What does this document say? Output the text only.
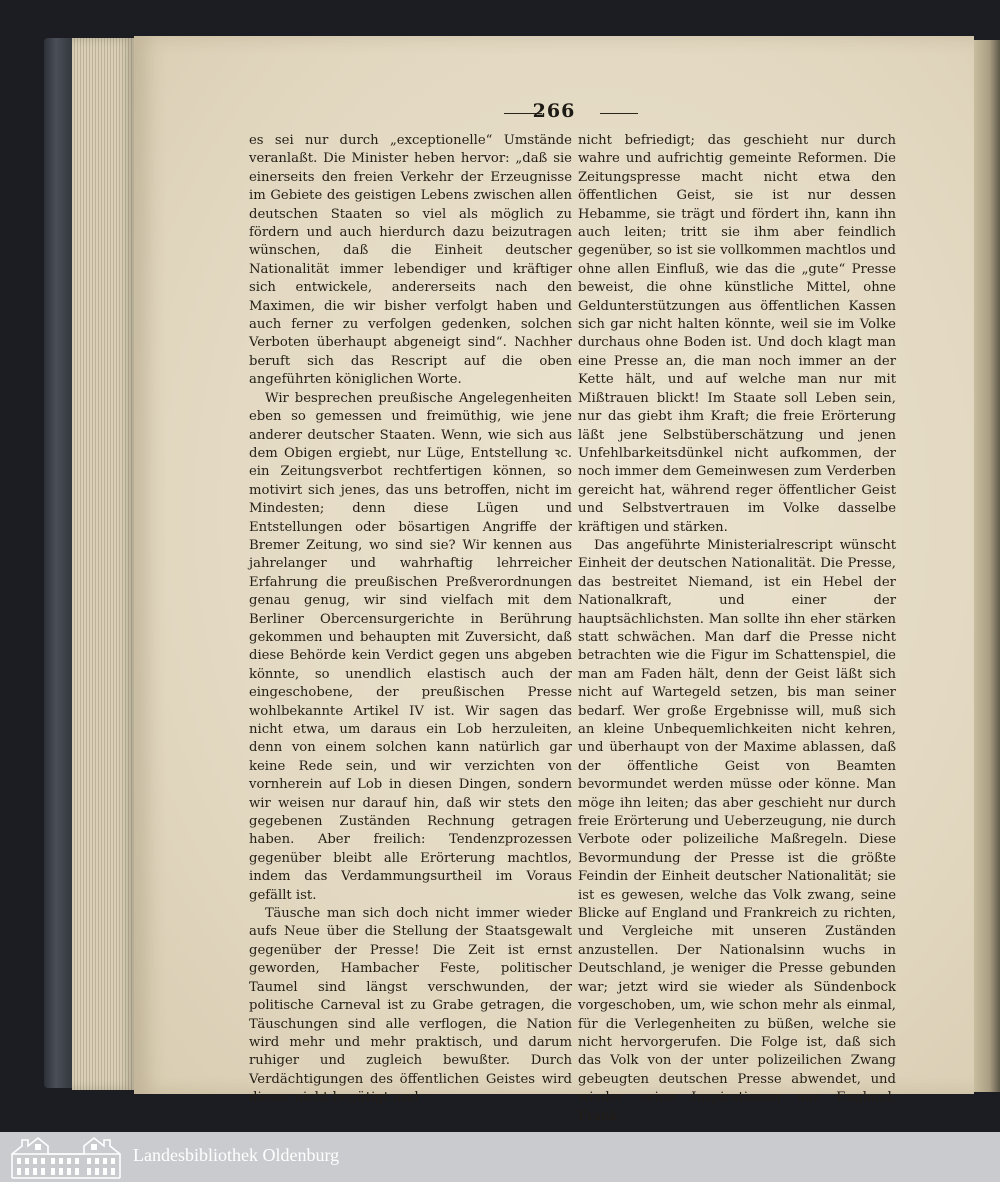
266

es sei nur durch „exceptionelle“ Umstände veranlaßt. Die Minister heben hervor: „daß sie einerseits den freien Verkehr der Erzeugnisse im Gebiete des geistigen Lebens zwischen allen deutschen Staaten so viel als möglich zu fördern und auch hierdurch dazu beizutragen wünschen, daß die Einheit deutscher Nationalität immer lebendiger und kräftiger sich entwickele, andererseits nach den Maximen, die wir bisher verfolgt haben und auch ferner zu verfolgen gedenken, solchen Verboten überhaupt abgeneigt sind“. Nachher beruft sich das Rescript auf die oben angeführten königlichen Worte.

Wir besprechen preußische Angelegenheiten eben so gemessen und freimüthig, wie jene anderer deutscher Staaten. Wenn, wie sich aus dem Obigen ergiebt, nur Lüge, Entstellung ꝛc. ein Zeitungsverbot rechtfertigen können, so motivirt sich jenes, das uns betroffen, nicht im Mindesten; denn diese Lügen und Entstellungen oder bösartigen Angriffe der Bremer Zeitung, wo sind sie? Wir kennen aus jahrelanger und wahrhaftig lehrreicher Erfahrung die preußischen Preßverordnungen genau genug, wir sind vielfach mit dem Berliner Obercensurgerichte in Berührung gekommen und behaupten mit Zuversicht, daß diese Behörde kein Verdict gegen uns abgeben könnte, so unendlich elastisch auch der eingeschobene, der preußischen Presse wohlbekannte Artikel IV ist. Wir sagen das nicht etwa, um daraus ein Lob herzuleiten, denn von einem solchen kann natürlich gar keine Rede sein, und wir verzichten von vornherein auf Lob in diesen Dingen, sondern wir weisen nur darauf hin, daß wir stets den gegebenen Zuständen Rechnung getragen haben. Aber freilich: Tendenzprozessen gegenüber bleibt alle Erörterung machtlos, indem das Verdammungsurtheil im Voraus gefällt ist.

Täusche man sich doch nicht immer wieder aufs Neue über die Stellung der Staatsgewalt gegenüber der Presse! Die Zeit ist ernst geworden, Hambacher Feste, politischer Taumel sind längst verschwunden, der politische Carneval ist zu Grabe getragen, die Täuschungen sind alle verflogen, die Nation wird mehr und mehr praktisch, und darum ruhiger und zugleich bewußter. Durch Verdächtigungen des öffentlichen Geistes wird dieser nicht begütigt und

nicht befriedigt; das geschieht nur durch wahre und aufrichtig gemeinte Reformen. Die Zeitungspresse macht nicht etwa den öffentlichen Geist, sie ist nur dessen Hebamme, sie trägt und fördert ihn, kann ihn auch leiten; tritt sie ihm aber feindlich gegenüber, so ist sie vollkommen machtlos und ohne allen Einfluß, wie das die „gute“ Presse beweist, die ohne künstliche Mittel, ohne Geldunterstützungen aus öffentlichen Kassen sich gar nicht halten könnte, weil sie im Volke durchaus ohne Boden ist. Und doch klagt man eine Presse an, die man noch immer an der Kette hält, und auf welche man nur mit Mißtrauen blickt! Im Staate soll Leben sein, nur das giebt ihm Kraft; die freie Erörterung läßt jene Selbstüberschätzung und jenen Unfehlbarkeitsdünkel nicht aufkommen, der noch immer dem Gemeinwesen zum Verderben gereicht hat, während reger öffentlicher Geist und Selbstvertrauen im Volke dasselbe kräftigen und stärken.

Das angeführte Ministerialrescript wünscht Einheit der deutschen Nationalität. Die Presse, das bestreitet Niemand, ist ein Hebel der Nationalkraft, und einer der hauptsächlichsten. Man sollte ihn eher stärken statt schwächen. Man darf die Presse nicht betrachten wie die Figur im Schattenspiel, die man am Faden hält, denn der Geist läßt sich nicht auf Wartegeld setzen, bis man seiner bedarf. Wer große Ergebnisse will, muß sich an kleine Unbequemlichkeiten nicht kehren, und überhaupt von der Maxime ablassen, daß der öffentliche Geist von Beamten bevormundet werden müsse oder könne. Man möge ihn leiten; das aber geschieht nur durch freie Erörterung und Ueberzeugung, nie durch Verbote oder polizeiliche Maßregeln. Diese Bevormundung der Presse ist die größte Feindin der Einheit deutscher Nationalität; sie ist es gewesen, welche das Volk zwang, seine Blicke auf England und Frankreich zu richten, und Vergleiche mit unseren Zuständen anzustellen. Der Nationalsinn wuchs in Deutschland, je weniger die Presse gebunden war; jetzt wird sie wieder als Sündenbock vorgeschoben, um, wie schon mehr als einmal, für die Verlegenheiten zu büßen, welche sie nicht hervorgerufen. Die Folge ist, daß sich das Volk von der unter polizeilichen Zwang gebeugten deutschen Presse abwendet, und wieder seine Inspirationen aus England, Frank-

Landesbibliothek Oldenburg
